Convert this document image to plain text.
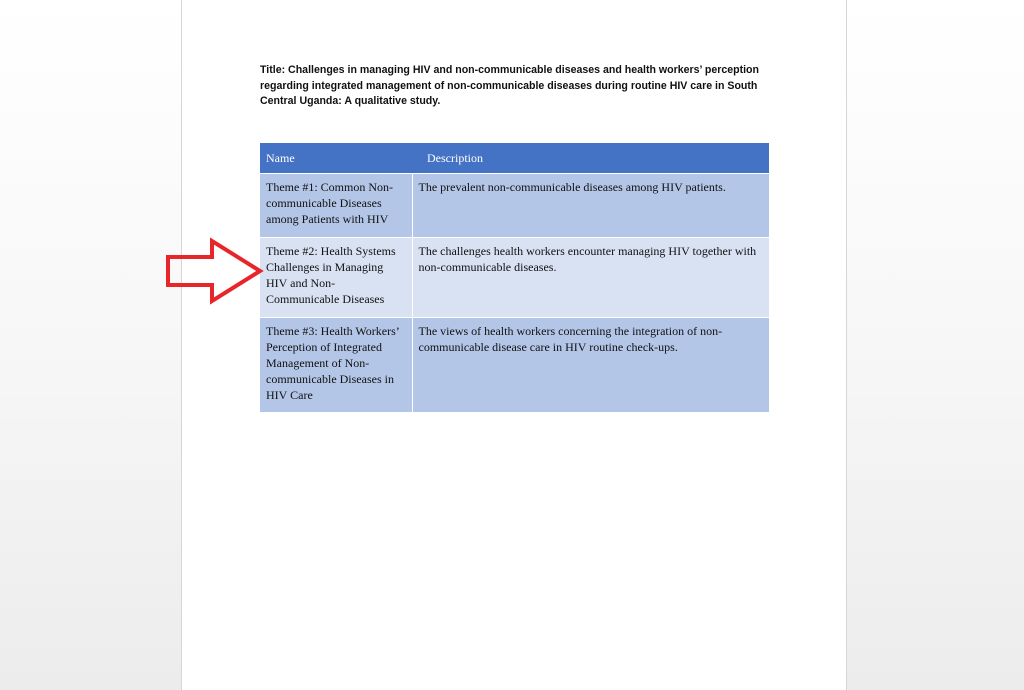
Title: Challenges in managing HIV and non-communicable diseases and health workers’ perception regarding integrated management of non-communicable diseases during routine HIV care in South Central Uganda: A qualitative study.

Name	Description
Theme #1: Common Non-communicable Diseases among Patients with HIV	The prevalent non-communicable diseases among HIV patients.
Theme #2: Health Systems Challenges in Managing HIV and Non-Communicable Diseases	The challenges health workers encounter managing HIV together with non-communicable diseases.
Theme #3: Health Workers’ Perception of Integrated Management of Non-communicable Diseases in HIV Care	The views of health workers concerning the integration of non-communicable disease care in HIV routine check-ups.
